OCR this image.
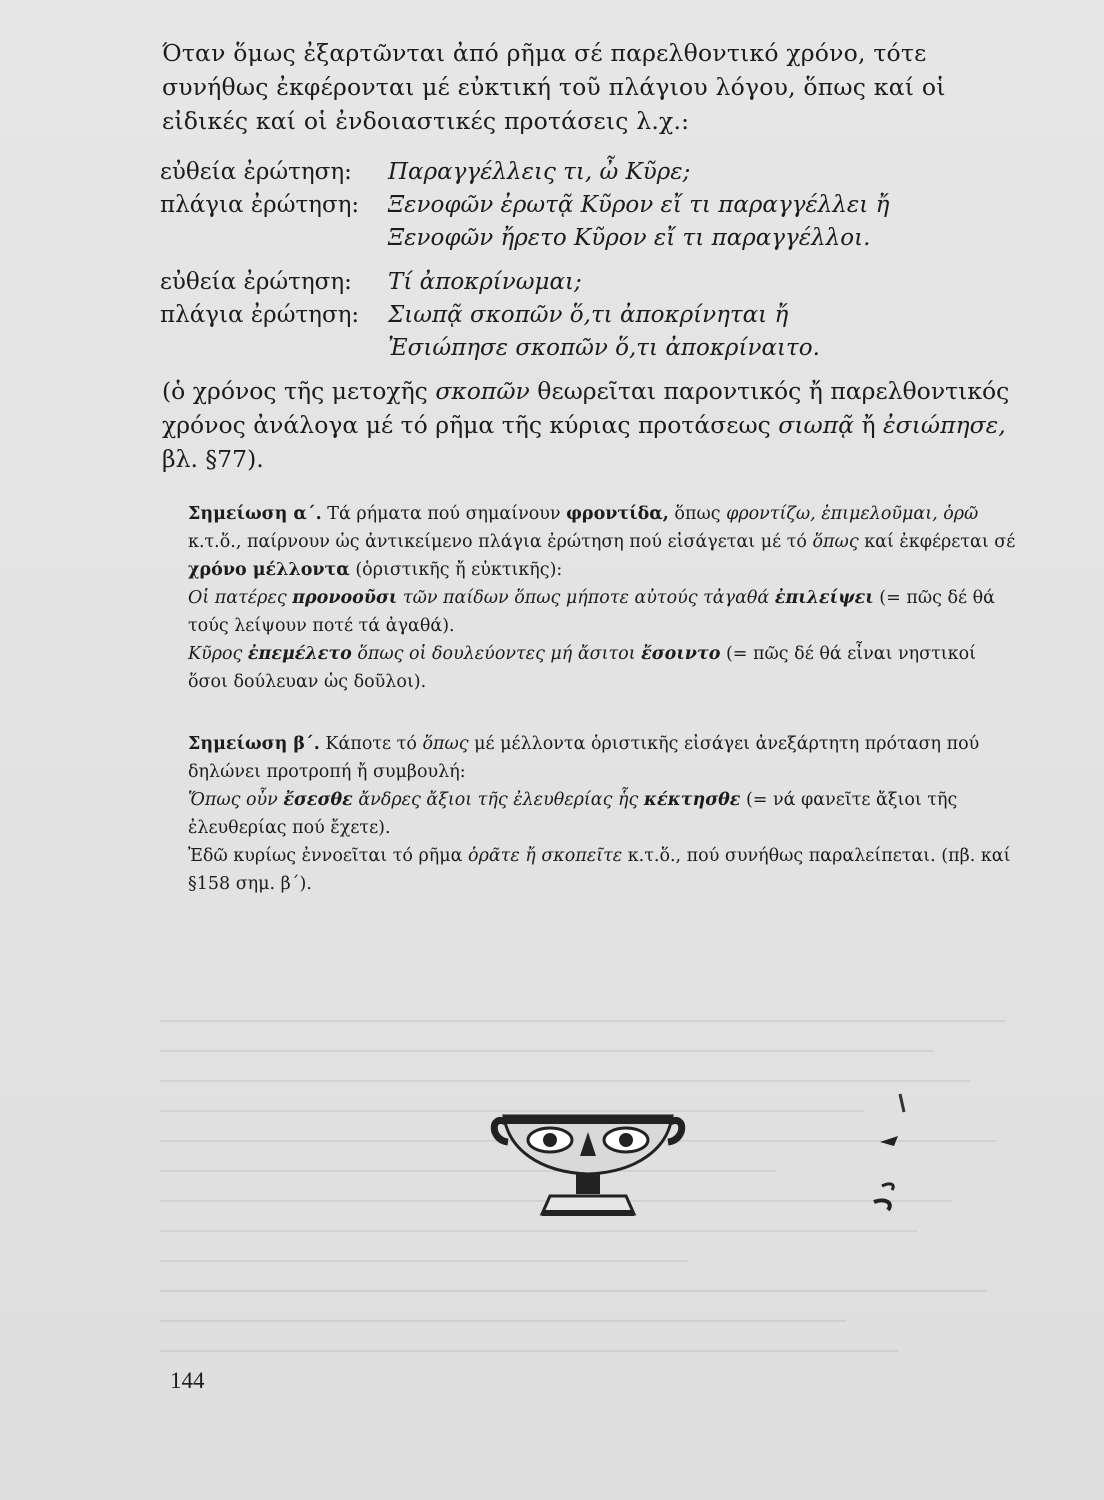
Όταν ὅμως ἐξαρτῶνται ἀπό ρῆμα σέ παρελθοντικό χρόνο, τότε συνήθως ἐκφέρονται μέ εὐκτική τοῦ πλάγιου λόγου, ὅπως καί οἱ εἰδικές καί οἱ ἐνδοιαστικές προτάσεις λ.χ.:

εὐθεία ἐρώτηση:	Παραγγέλλεις τι, ὦ Κῦρε;
πλάγια ἐρώτηση:	Ξενοφῶν ἐρωτᾷ Κῦρον εἴ τι παραγγέλλει ἤ
Ξενοφῶν ἤρετο Κῦρον εἴ τι παραγγέλλοι.
εὐθεία ἐρώτηση:	Τί ἀποκρίνωμαι;
πλάγια ἐρώτηση:	Σιωπᾷ σκοπῶν ὅ,τι ἀποκρίνηται ἤ
Ἐσιώπησε σκοπῶν ὅ,τι ἀποκρίναιτο.

(ὁ χρόνος τῆς μετοχῆς σκοπῶν θεωρεῖται παροντικός ἤ παρελθοντικός χρόνος ἀνάλογα μέ τό ρῆμα τῆς κύριας προτάσεως σιωπᾷ ἤ ἐσιώπησε, βλ. §77).

Σημείωση α΄. Τά ρήματα πού σημαίνουν φροντίδα, ὅπως φροντίζω, ἐπιμελοῦμαι, ὁρῶ κ.τ.ὅ., παίρνουν ὡς ἀντικείμενο πλάγια ἐρώτηση πού εἰσάγεται μέ τό ὅπως καί ἐκφέρεται σέ χρόνο μέλλοντα (ὁριστικῆς ἤ εὐκτικῆς):

Οἱ πατέρες προνοοῦσι τῶν παίδων ὅπως μήποτε αὐτούς τἀγαθά ἐπιλείψει (= πῶς δέ θά τούς λείψουν ποτέ τά ἀγαθά).

Κῦρος ἐπεμέλετο ὅπως οἱ δουλεύοντες μή ἄσιτοι ἔσοιντο (= πῶς δέ θά εἶναι νηστικοί ὅσοι δούλευαν ὡς δοῦλοι).

Σημείωση β΄. Κάποτε τό ὅπως μέ μέλλοντα ὁριστικῆς εἰσάγει ἀνεξάρτητη πρόταση πού δηλώνει προτροπή ἤ συμβουλή:

Ὅπως οὖν ἔσεσθε ἄνδρες ἄξιοι τῆς ἐλευθερίας ἧς κέκτησθε (= νά φανεῖτε ἄξιοι τῆς ἐλευθερίας πού ἔχετε).

Ἐδῶ κυρίως ἐννοεῖται τό ρῆμα ὁρᾶτε ἤ σκοπεῖτε κ.τ.ὅ., πού συνήθως παραλείπεται. (πβ. καί §158 σημ. β΄).

144
